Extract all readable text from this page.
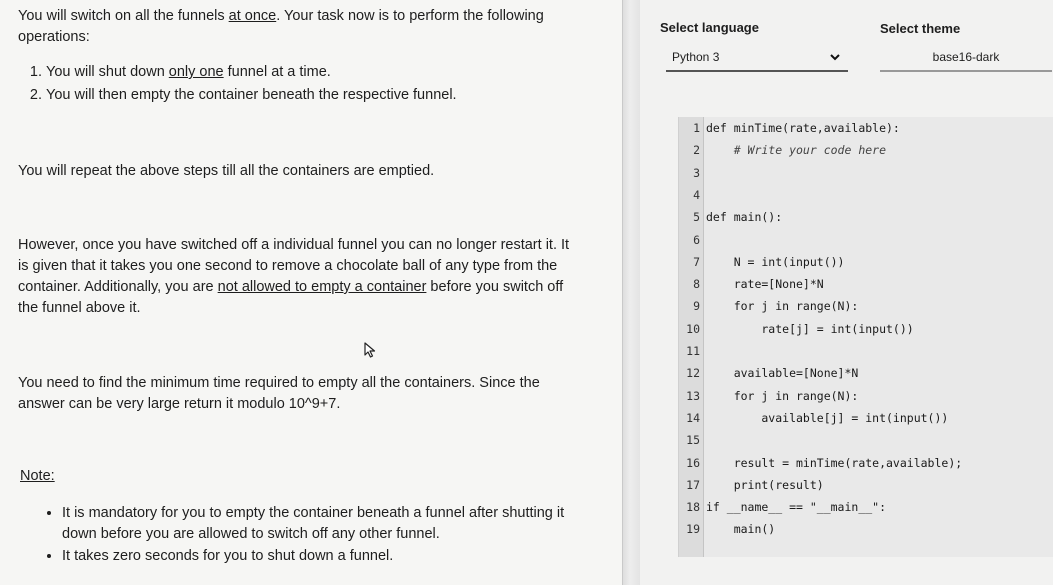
You will switch on all the funnels at once. Your task now is to perform the following
operations:

1. You will shut down only one funnel at a time.
2. You will then empty the container beneath the respective funnel.

You will repeat the above steps till all the containers are emptied.

However, once you have switched off a individual funnel you can no longer restart it. It
is given that it takes you one second to remove a chocolate ball of any type from the
container. Additionally, you are not allowed to empty a container before you switch off
the funnel above it.

You need to find the minimum time required to empty all the containers. Since the
answer can be very large return it modulo 10^9+7.

Note:

• It is mandatory for you to empty the container beneath a funnel after shutting it
down before you are allowed to switch off any other funnel.
• It takes zero seconds for you to shut down a funnel.
Select language
Python 3
Select theme
base16-dark
1 def minTime(rate,available):
2 # Write your code here
3
4
5 def main():
6
7 N = int(input())
8 rate=[None]*N
9 for j in range(N):
10 rate[j] = int(input())
11
12 available=[None]*N
13 for j in range(N):
14 available[j] = int(input())
15
16 result = minTime(rate,available);
17 print(result)
18 if __name__ == "__main__":
19 main()
